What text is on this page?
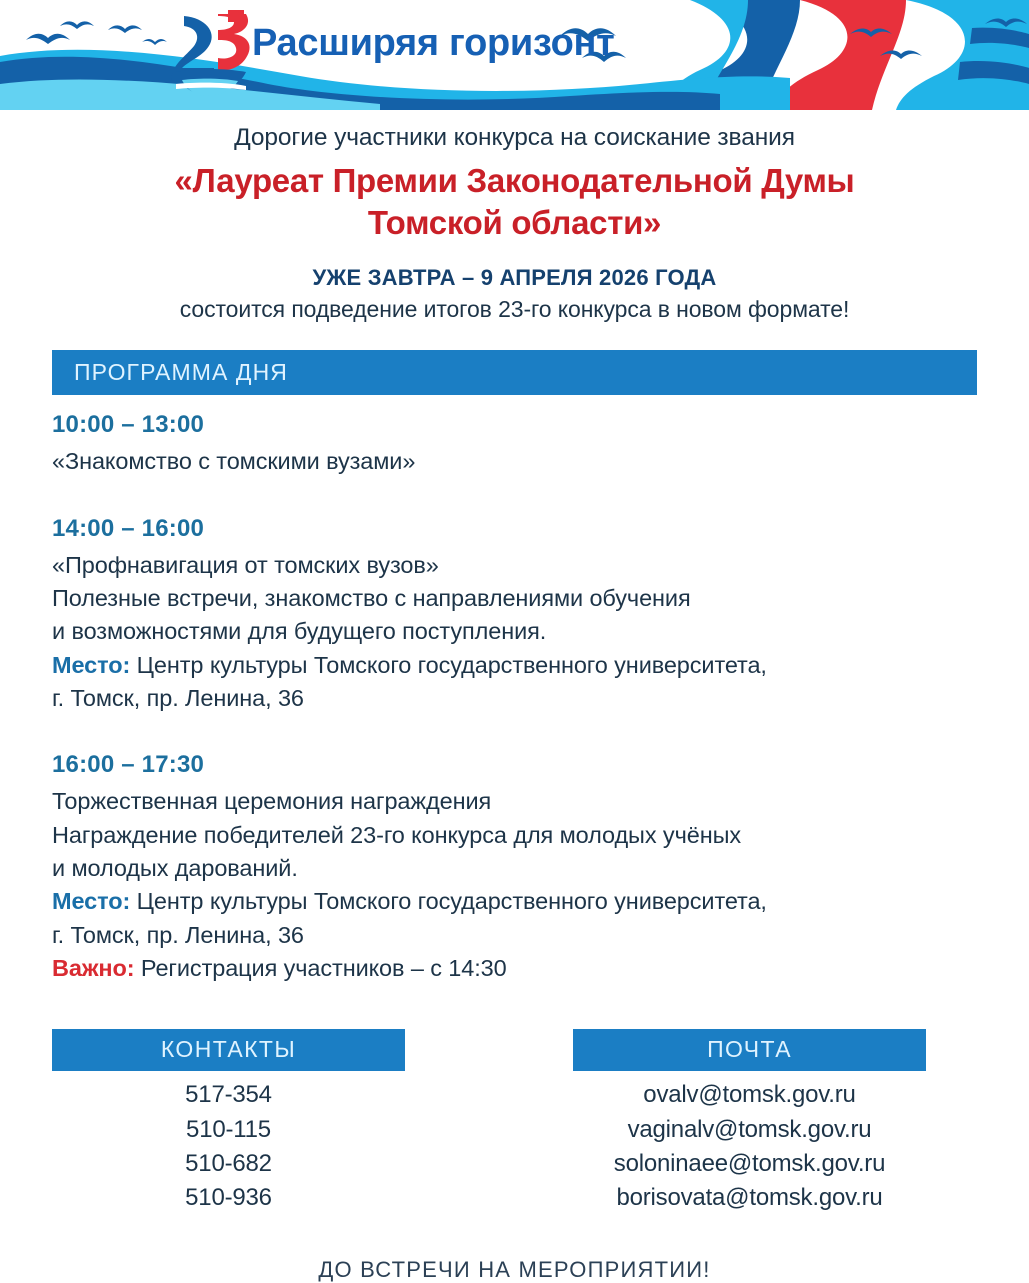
Расширяя горизонт
Дорогие участники конкурса на соискание звания
«Лауреат Премии Законодательной Думы
Томской области»
УЖЕ ЗАВТРА – 9 АПРЕЛЯ 2026 ГОДА
состоится подведение итогов 23-го конкурса в новом формате!
ПРОГРАММА ДНЯ
10:00 – 13:00
«Знакомство с томскими вузами»
14:00 – 16:00
«Профнавигация от томских вузов»
Полезные встречи, знакомство с направлениями обучения
и возможностями для будущего поступления.
Место: Центр культуры Томского государственного университета,
г. Томск, пр. Ленина, 36
16:00 – 17:30
Торжественная церемония награждения
Награждение победителей 23-го конкурса для молодых учёных
и молодых дарований.
Место: Центр культуры Томского государственного университета,
г. Томск, пр. Ленина, 36
Важно: Регистрация участников – с 14:30
КОНТАКТЫ
517-354
510-115
510-682
510-936
ПОЧТА
ovalv@tomsk.gov.ru
vaginalv@tomsk.gov.ru
soloninaee@tomsk.gov.ru
borisovata@tomsk.gov.ru
ДО ВСТРЕЧИ НА МЕРОПРИЯТИИ!
